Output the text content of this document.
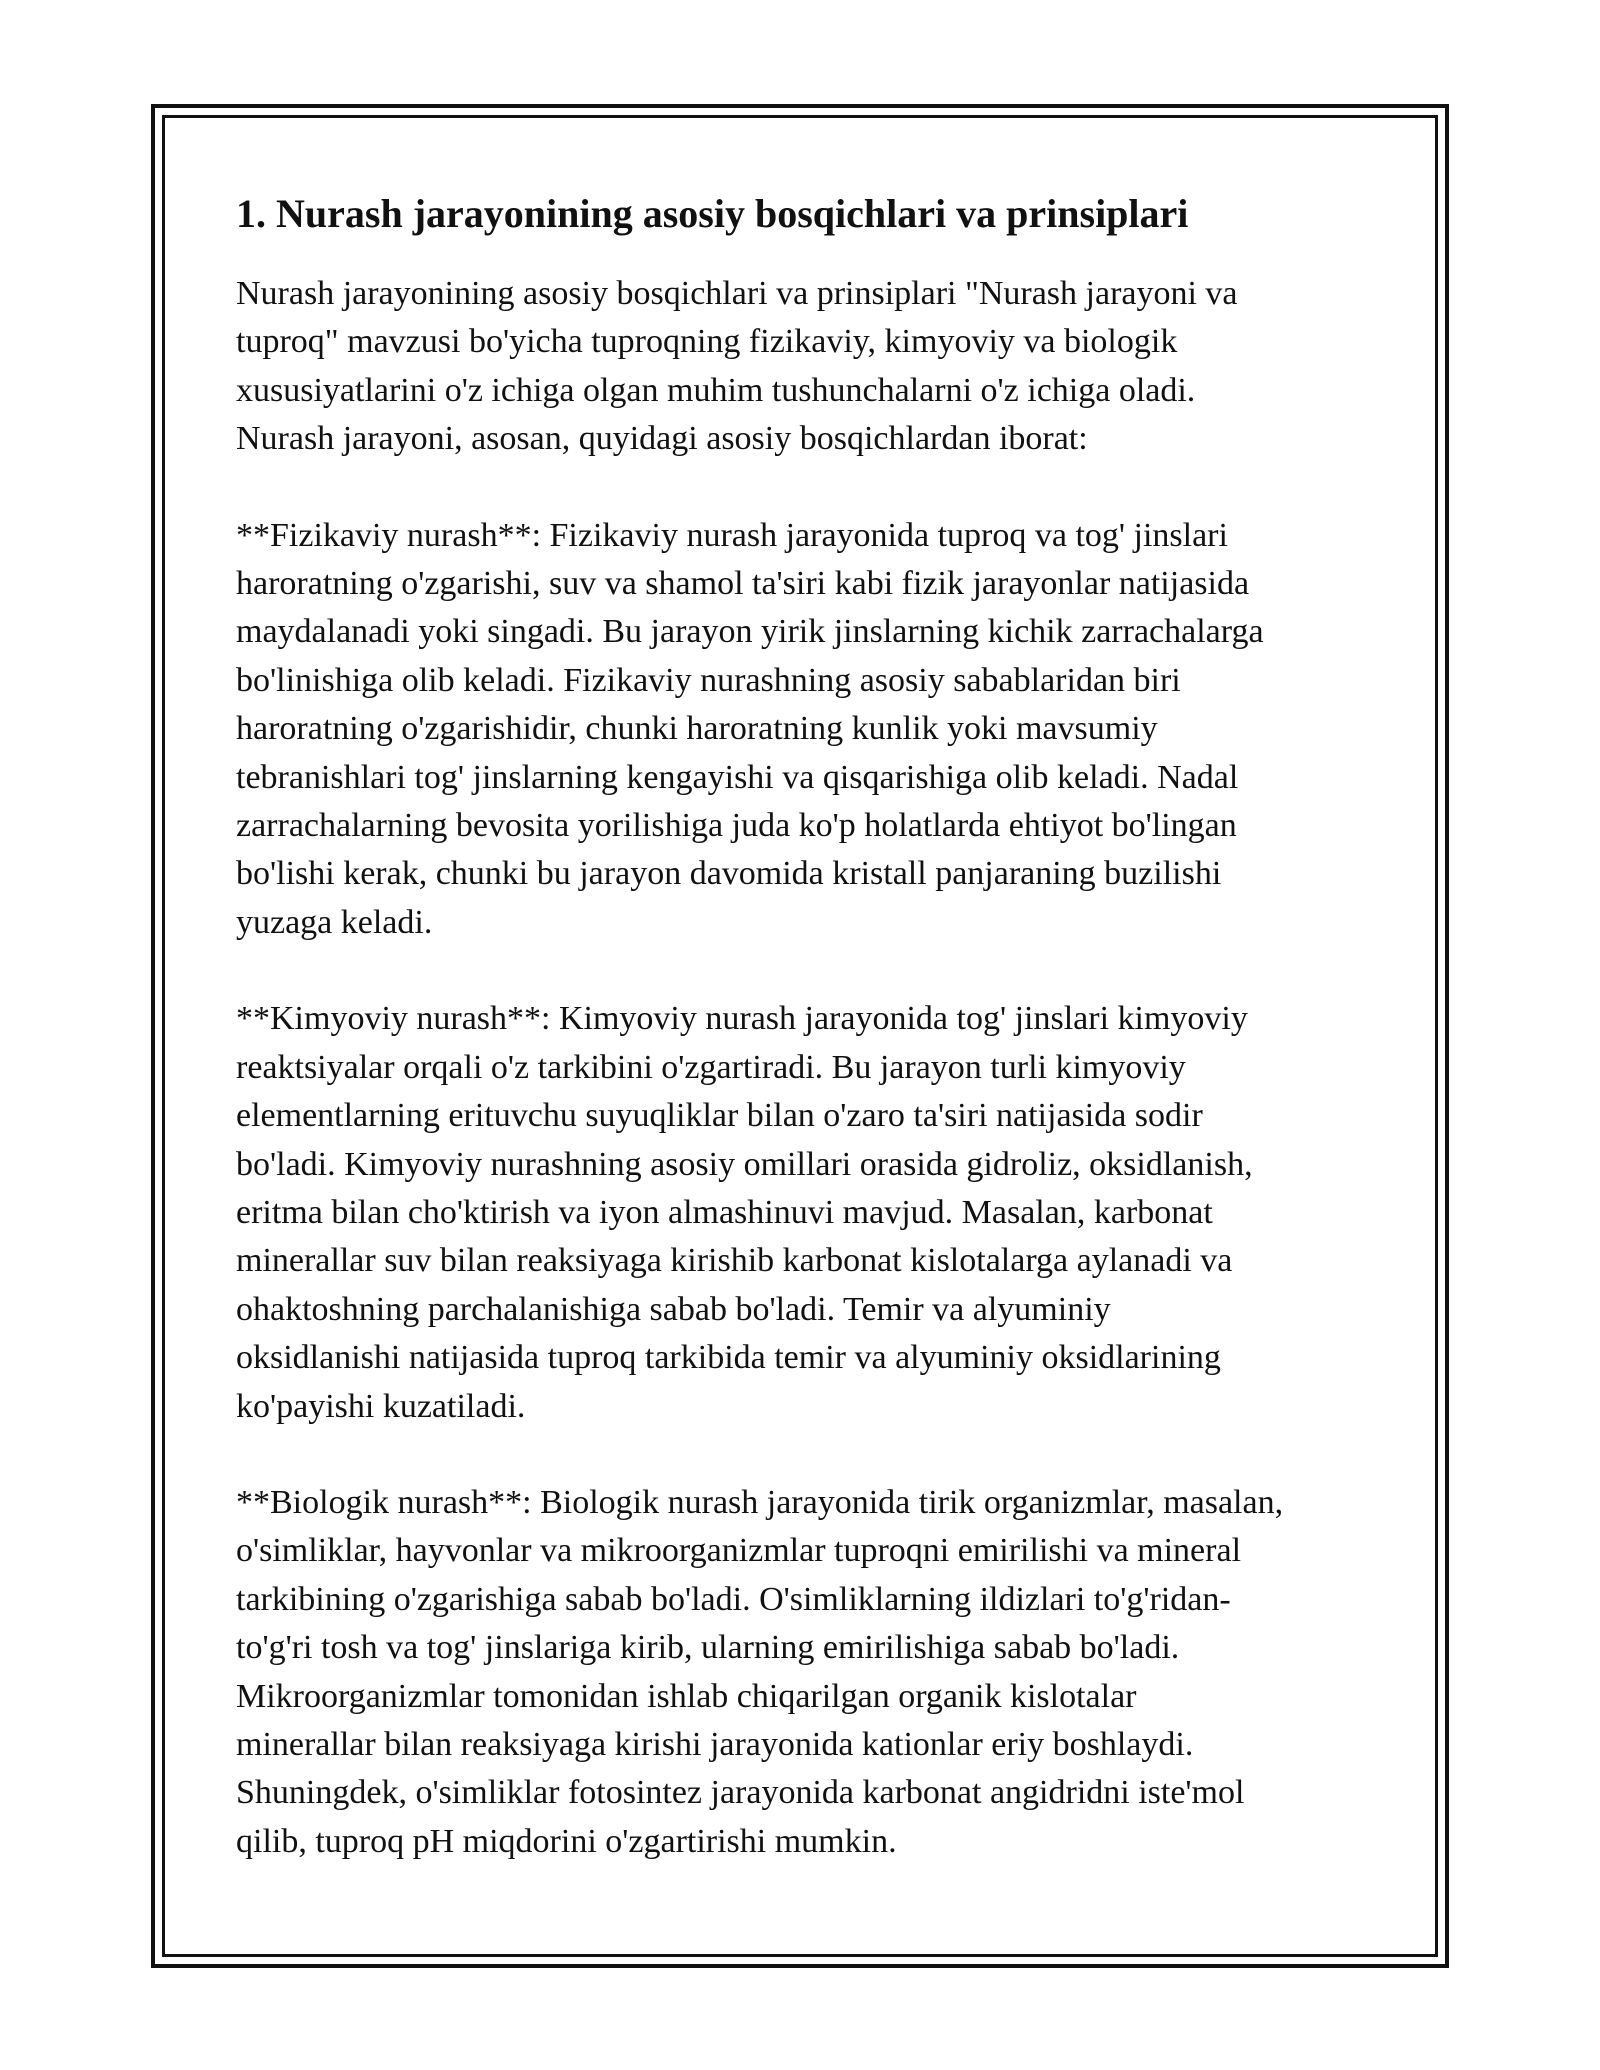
1. Nurash jarayonining asosiy bosqichlari va prinsiplari

Nurash jarayonining asosiy bosqichlari va prinsiplari "Nurash jarayoni va
tuproq" mavzusi bo'yicha tuproqning fizikaviy, kimyoviy va biologik
xususiyatlarini o'z ichiga olgan muhim tushunchalarni o'z ichiga oladi.
Nurash jarayoni, asosan, quyidagi asosiy bosqichlardan iborat:

**Fizikaviy nurash**: Fizikaviy nurash jarayonida tuproq va tog' jinslari
haroratning o'zgarishi, suv va shamol ta'siri kabi fizik jarayonlar natijasida
maydalanadi yoki singadi. Bu jarayon yirik jinslarning kichik zarrachalarga
bo'linishiga olib keladi. Fizikaviy nurashning asosiy sabablaridan biri
haroratning o'zgarishidir, chunki haroratning kunlik yoki mavsumiy
tebranishlari tog' jinslarning kengayishi va qisqarishiga olib keladi. Nadal
zarrachalarning bevosita yorilishiga juda ko'p holatlarda ehtiyot bo'lingan
bo'lishi kerak, chunki bu jarayon davomida kristall panjaraning buzilishi
yuzaga keladi.

**Kimyoviy nurash**: Kimyoviy nurash jarayonida tog' jinslari kimyoviy
reaktsiyalar orqali o'z tarkibini o'zgartiradi. Bu jarayon turli kimyoviy
elementlarning erituvchu suyuqliklar bilan o'zaro ta'siri natijasida sodir
bo'ladi. Kimyoviy nurashning asosiy omillari orasida gidroliz, oksidlanish,
eritma bilan cho'ktirish va iyon almashinuvi mavjud. Masalan, karbonat
minerallar suv bilan reaksiyaga kirishib karbonat kislotalarga aylanadi va
ohaktoshning parchalanishiga sabab bo'ladi. Temir va alyuminiy
oksidlanishi natijasida tuproq tarkibida temir va alyuminiy oksidlarining
ko'payishi kuzatiladi.

**Biologik nurash**: Biologik nurash jarayonida tirik organizmlar, masalan,
o'simliklar, hayvonlar va mikroorganizmlar tuproqni emirilishi va mineral
tarkibining o'zgarishiga sabab bo'ladi. O'simliklarning ildizlari to'g'ridan-
to'g'ri tosh va tog' jinslariga kirib, ularning emirilishiga sabab bo'ladi.
Mikroorganizmlar tomonidan ishlab chiqarilgan organik kislotalar
minerallar bilan reaksiyaga kirishi jarayonida kationlar eriy boshlaydi.
Shuningdek, o'simliklar fotosintez jarayonida karbonat angidridni iste'mol
qilib, tuproq pH miqdorini o'zgartirishi mumkin.
